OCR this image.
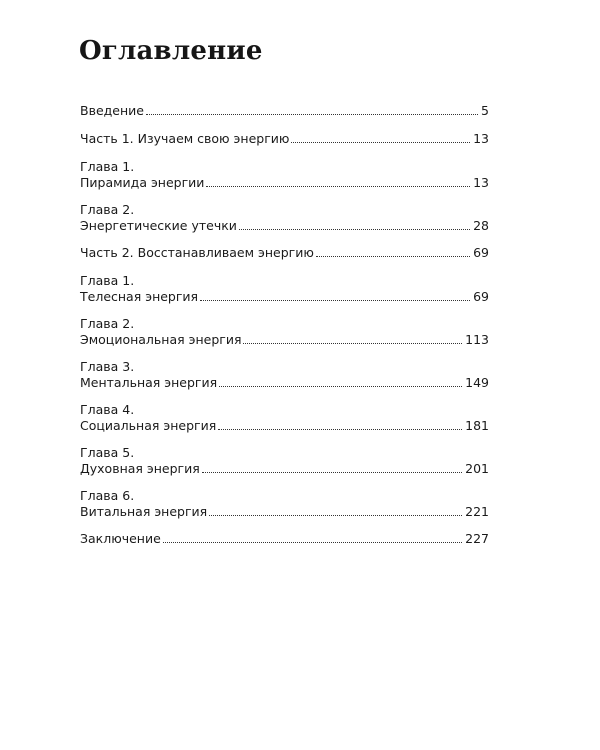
Оглавление
Введение	5
Часть 1. Изучаем свою энергию	13
Глава 1.
Пирамида энергии	13
Глава 2.
Энергетические утечки	28
Часть 2. Восстанавливаем энергию	69
Глава 1.
Телесная энергия	69
Глава 2.
Эмоциональная энергия	113
Глава 3.
Ментальная энергия	149
Глава 4.
Социальная энергия	181
Глава 5.
Духовная энергия	201
Глава 6.
Витальная энергия	221
Заключение	227
